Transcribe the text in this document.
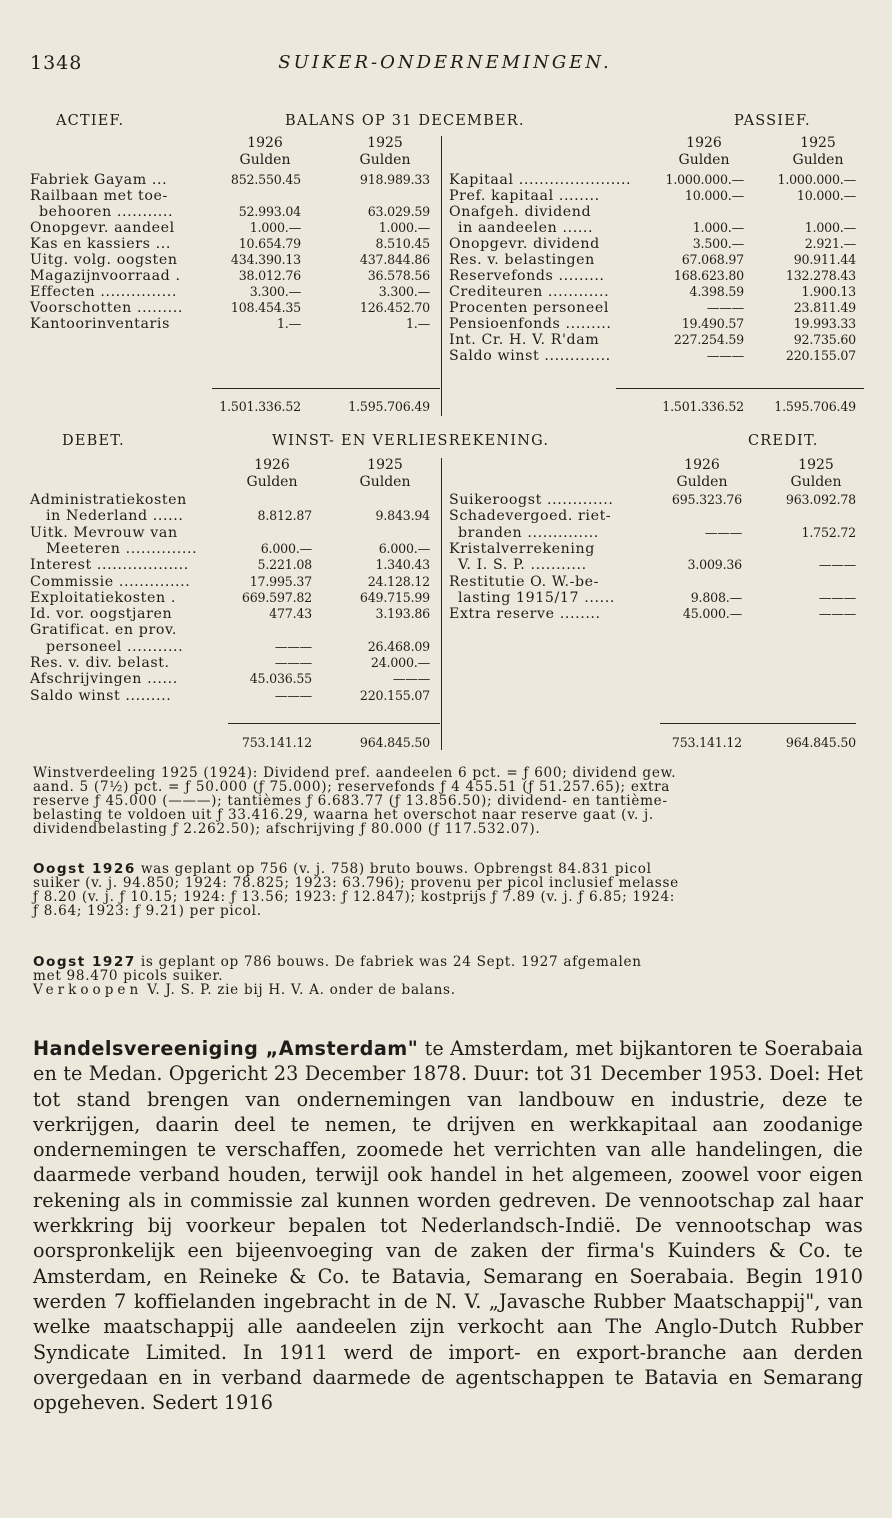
1348	SUIKER-ONDERNEMINGEN.
ACTIEF.	BALANS OP 31 DECEMBER.	PASSIEF.
1926	1925
Gulden	Gulden
1926	1925
Gulden	Gulden
Fabriek Gayam ...	852.550.45	918.989.33
Railbaan met toe-
behooren ...........	52.993.04	63.029.59
Onopgevr. aandeel	1.000.—	1.000.—
Kas en kassiers ...	10.654.79	8.510.45
Uitg. volg. oogsten	434.390.13	437.844.86
Magazijnvoorraad .	38.012.76	36.578.56
Effecten ...............	3.300.—	3.300.—
Voorschotten .........	108.454.35	126.452.70
Kantoorinventaris	1.—	1.—
Kapitaal ......................	1.000.000.—	1.000.000.—
Pref. kapitaal ........	10.000.—	10.000.—
Onafgeh. dividend
in aandeelen ......	1.000.—	1.000.—
Onopgevr. dividend	3.500.—	2.921.—
Res. v. belastingen	67.068.97	90.911.44
Reservefonds .........	168.623.80	132.278.43
Crediteuren ............	4.398.59	1.900.13
Procenten personeel	———	23.811.49
Pensioenfonds .........	19.490.57	19.993.33
Int. Cr. H. V. R'dam	227.254.59	92.735.60
Saldo winst .............	———	220.155.07
1.501.336.52	1.595.706.49	1.501.336.52	1.595.706.49
DEBET.	WINST- EN VERLIESREKENING.	CREDIT.
1926	1925
Gulden	Gulden
1926	1925
Gulden	Gulden
Administratiekosten
in Nederland ......	8.812.87	9.843.94
Uitk. Mevrouw van
Meeteren ..............	6.000.—	6.000.—
Interest ..................	5.221.08	1.340.43
Commissie ..............	17.995.37	24.128.12
Exploitatiekosten .	669.597.82	649.715.99
Id. vor. oogstjaren	477.43	3.193.86
Gratificat. en prov.
personeel ...........	———	26.468.09
Res. v. div. belast.	———	24.000.—
Afschrijvingen ......	45.036.55	———
Saldo winst .........	———	220.155.07
Suikeroogst .............	695.323.76	963.092.78
Schadevergoed. riet-
branden ..............	———	1.752.72
Kristalverrekening
V. I. S. P. ...........	3.009.36	———
Restitutie O. W.-be-
lasting 1915/17 ......	9.808.—	———
Extra reserve ........	45.000.—	———
753.141.12	964.845.50	753.141.12	964.845.50

Winstverdeeling 1925 (1924): Dividend pref. aandeelen 6 pct. = ƒ 600; dividend gew.

aand. 5 (7½) pct. = ƒ 50.000 (ƒ 75.000); reservefonds ƒ 4 455.51 (ƒ 51.257.65); extra

reserve ƒ 45.000 (———); tantièmes ƒ 6.683.77 (ƒ 13.856.50); dividend- en tantième-

belasting te voldoen uit ƒ 33.416.29, waarna het overschot naar reserve gaat (v. j.

dividendbelasting ƒ 2.262.50); afschrijving ƒ 80.000 (ƒ 117.532.07).

Oogst 1926 was geplant op 756 (v. j. 758) bruto bouws. Opbrengst 84.831 picol

suiker (v. j. 94.850; 1924: 78.825; 1923: 63.796); provenu per picol inclusief melasse

ƒ 8.20 (v. j. ƒ 10.15; 1924: ƒ 13.56; 1923: ƒ 12.847); kostprijs ƒ 7.89 (v. j. ƒ 6.85; 1924:

ƒ 8.64; 1923: ƒ 9.21) per picol.

Oogst 1927 is geplant op 786 bouws. De fabriek was 24 Sept. 1927 afgemalen

met 98.470 picols suiker.

Verkoopen V. J. S. P. zie bij H. V. A. onder de balans.

Handelsvereeniging „Amsterdam" te Amsterdam, met bijkantoren te Soerabaia en te Medan. Opgericht 23 December 1878. Duur: tot 31 December 1953. Doel: Het tot stand brengen van ondernemingen van landbouw en industrie, deze te verkrijgen, daarin deel te nemen, te drijven en werkkapitaal aan zoodanige ondernemingen te verschaffen, zoomede het verrichten van alle handelingen, die daarmede verband houden, terwijl ook handel in het algemeen, zoowel voor eigen rekening als in commissie zal kunnen worden gedreven. De vennootschap zal haar werkkring bij voorkeur bepalen tot Nederlandsch-Indië. De vennootschap was oorspronkelijk een bijeenvoeging van de zaken der firma's Kuinders & Co. te Amsterdam, en Reineke & Co. te Batavia, Semarang en Soerabaia. Begin 1910 werden 7 koffielanden ingebracht in de N. V. „Javasche Rubber Maatschappij", van welke maatschappij alle aandeelen zijn verkocht aan The Anglo-Dutch Rubber Syndicate Limited. In 1911 werd de import- en export-branche aan derden overgedaan en in verband daarmede de agentschappen te Batavia en Semarang opgeheven. Sedert 1916
